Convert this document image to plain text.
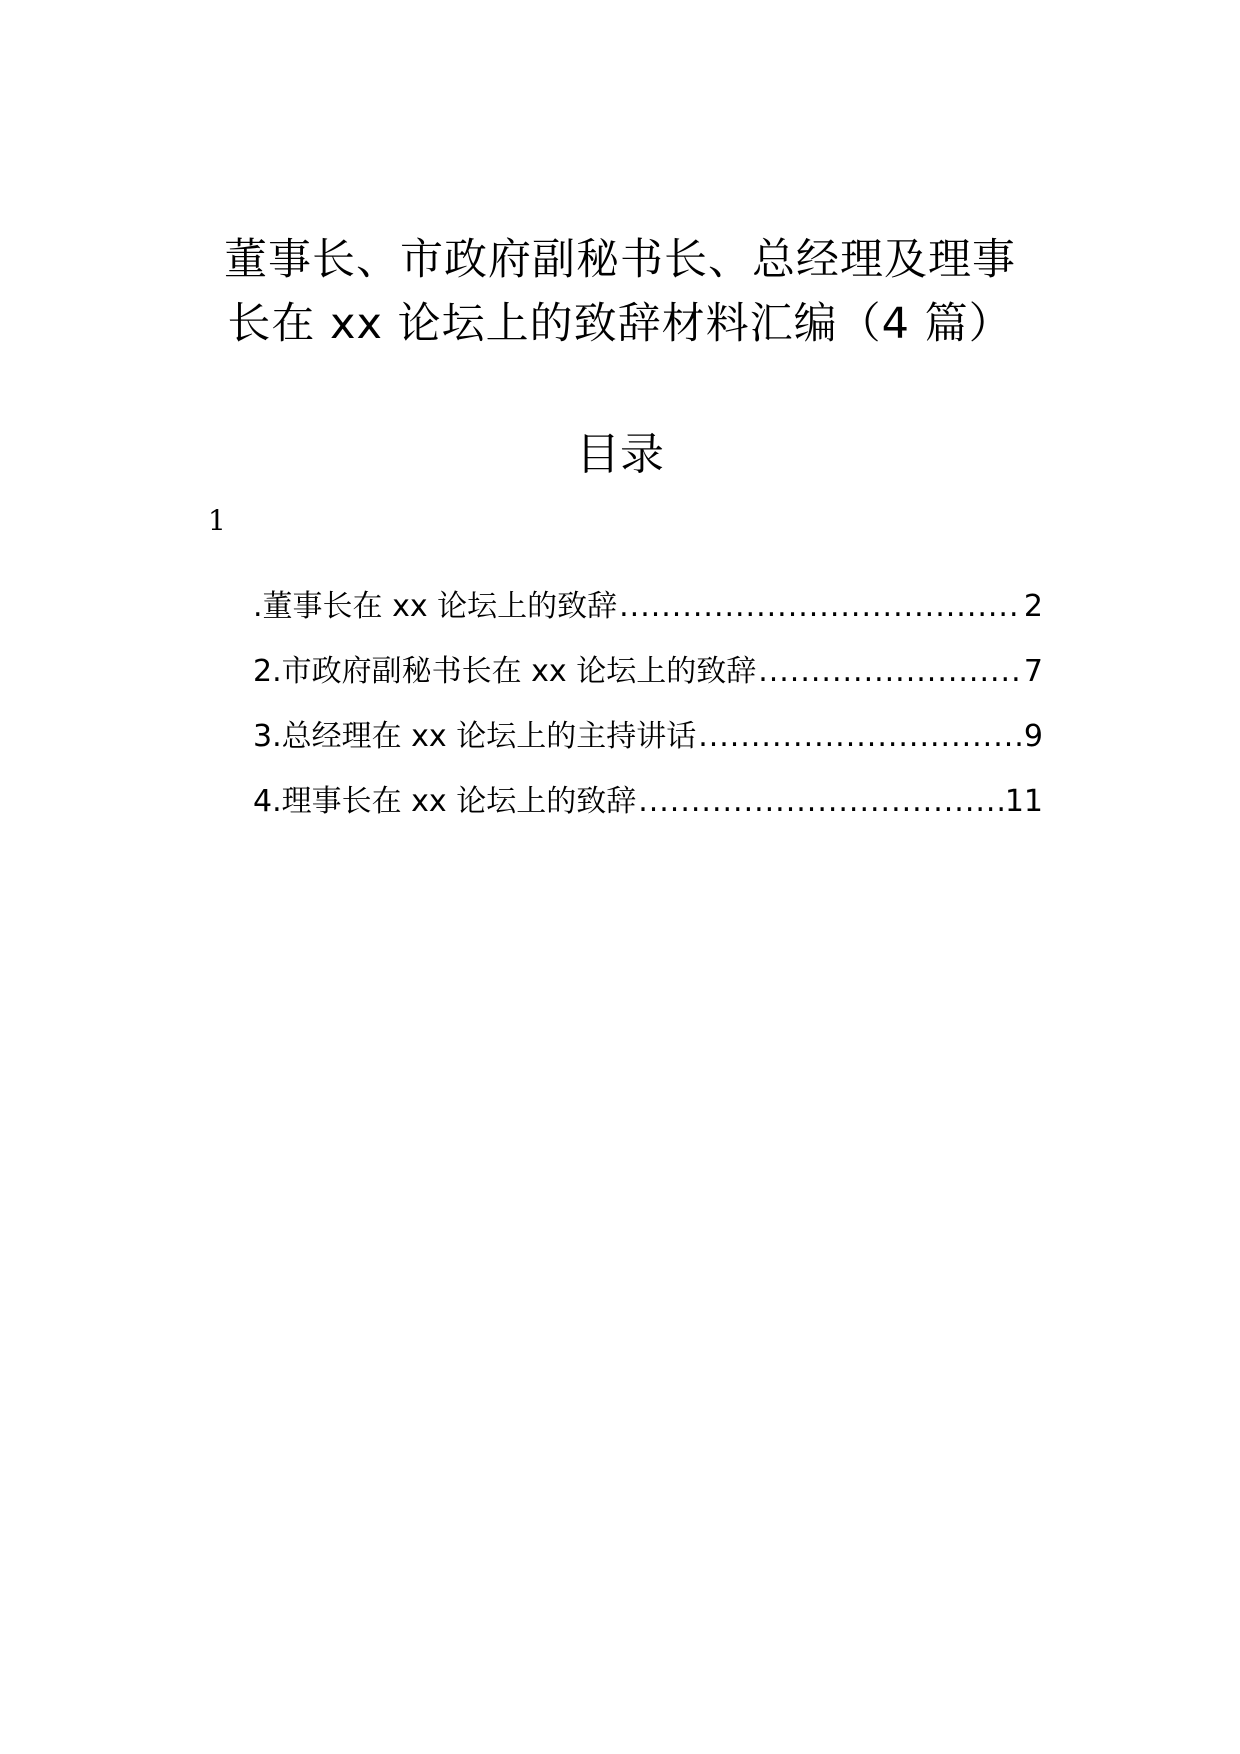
董事长、市政府副秘书长、总经理及理事
长在 xx 论坛上的致辞材料汇编（4 篇）
目录
1
.董事长在 xx 论坛上的致辞 .....	2
2.市政府副秘书长在 xx 论坛上的致辞 .....	7
3.总经理在 xx 论坛上的主持讲话 .....	9
4.理事长在 xx 论坛上的致辞 .....	11
